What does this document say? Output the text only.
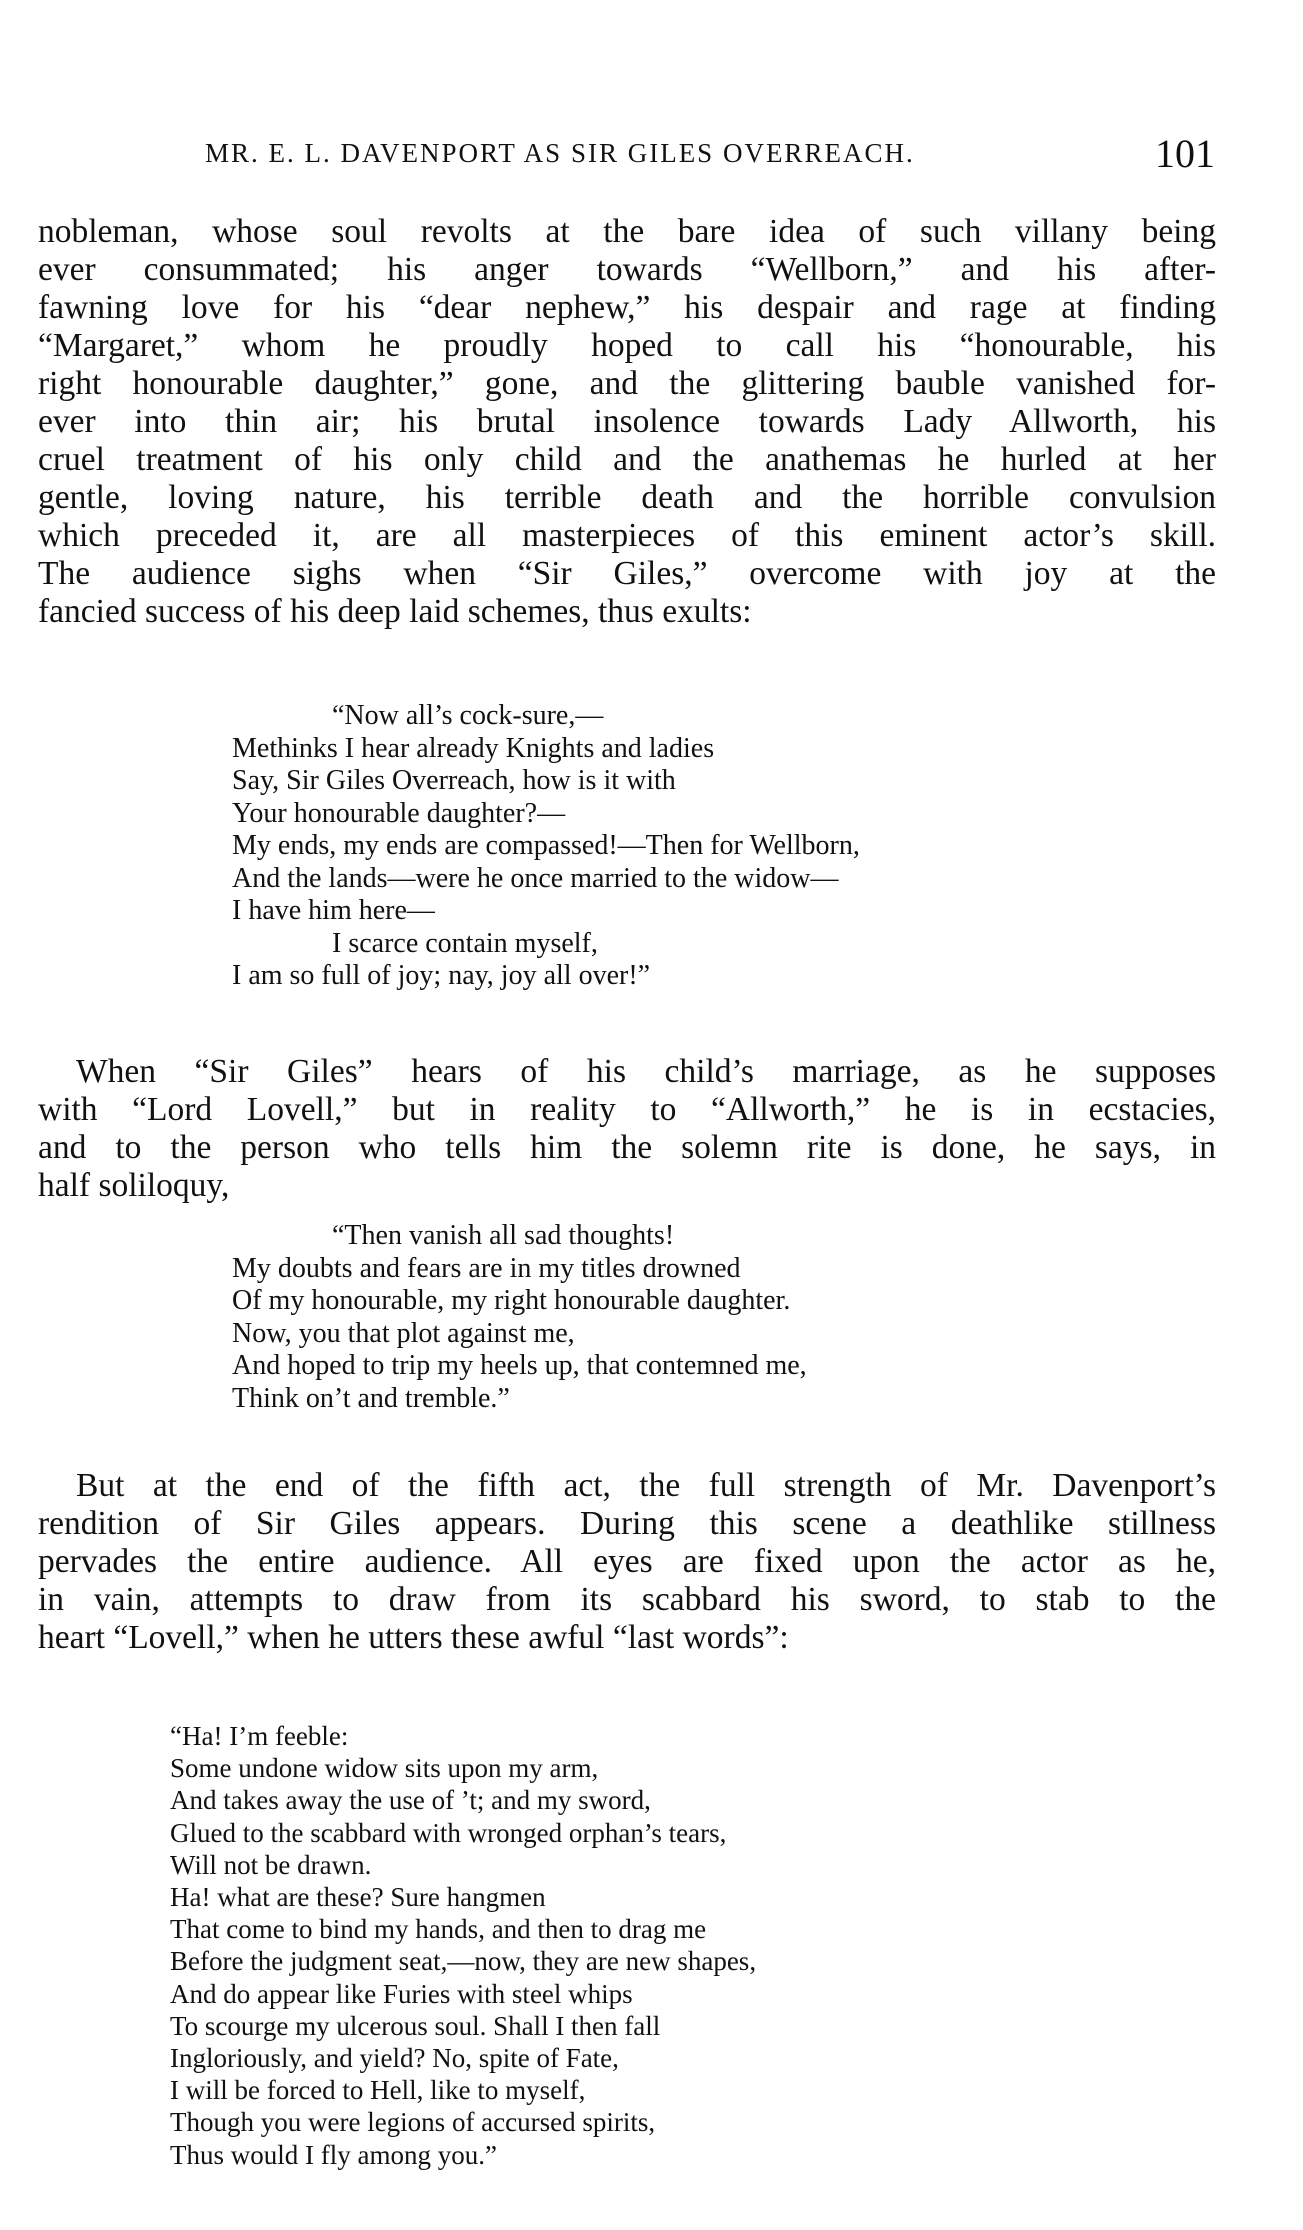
MR. E. L. DAVENPORT AS SIR GILES OVERREACH.	101

nobleman, whose soul revolts at the bare idea of such villany being
ever consummated; his anger towards “Wellborn,” and his after-
fawning love for his “dear nephew,” his despair and rage at finding
“Margaret,” whom he proudly hoped to call his “honourable, his
right honourable daughter,” gone, and the glittering bauble vanished for-
ever into thin air; his brutal insolence towards Lady Allworth, his
cruel treatment of his only child and the anathemas he hurled at her
gentle, loving nature, his terrible death and the horrible convulsion
which preceded it, are all masterpieces of this eminent actor’s skill.
The audience sighs when “Sir Giles,” overcome with joy at the
fancied success of his deep laid schemes, thus exults:

“Now all’s cock-sure,—
Methinks I hear already Knights and ladies
Say, Sir Giles Overreach, how is it with
Your honourable daughter?—
My ends, my ends are compassed!—Then for Wellborn,
And the lands—were he once married to the widow—
I have him here—
I scarce contain myself,
I am so full of joy; nay, joy all over!”

When “Sir Giles” hears of his child’s marriage, as he supposes
with “Lord Lovell,” but in reality to “Allworth,” he is in ecstacies,
and to the person who tells him the solemn rite is done, he says, in
half soliloquy,

“Then vanish all sad thoughts!
My doubts and fears are in my titles drowned
Of my honourable, my right honourable daughter.
Now, you that plot against me,
And hoped to trip my heels up, that contemned me,
Think on’t and tremble.”

But at the end of the fifth act, the full strength of Mr. Davenport’s
rendition of Sir Giles appears. During this scene a deathlike stillness
pervades the entire audience. All eyes are fixed upon the actor as he,
in vain, attempts to draw from its scabbard his sword, to stab to the
heart “Lovell,” when he utters these awful “last words”:

“Ha! I’m feeble:
Some undone widow sits upon my arm,
And takes away the use of ’t; and my sword,
Glued to the scabbard with wronged orphan’s tears,
Will not be drawn.
Ha! what are these? Sure hangmen
That come to bind my hands, and then to drag me
Before the judgment seat,—now, they are new shapes,
And do appear like Furies with steel whips
To scourge my ulcerous soul. Shall I then fall
Ingloriously, and yield? No, spite of Fate,
I will be forced to Hell, like to myself,
Though you were legions of accursed spirits,
Thus would I fly among you.”
